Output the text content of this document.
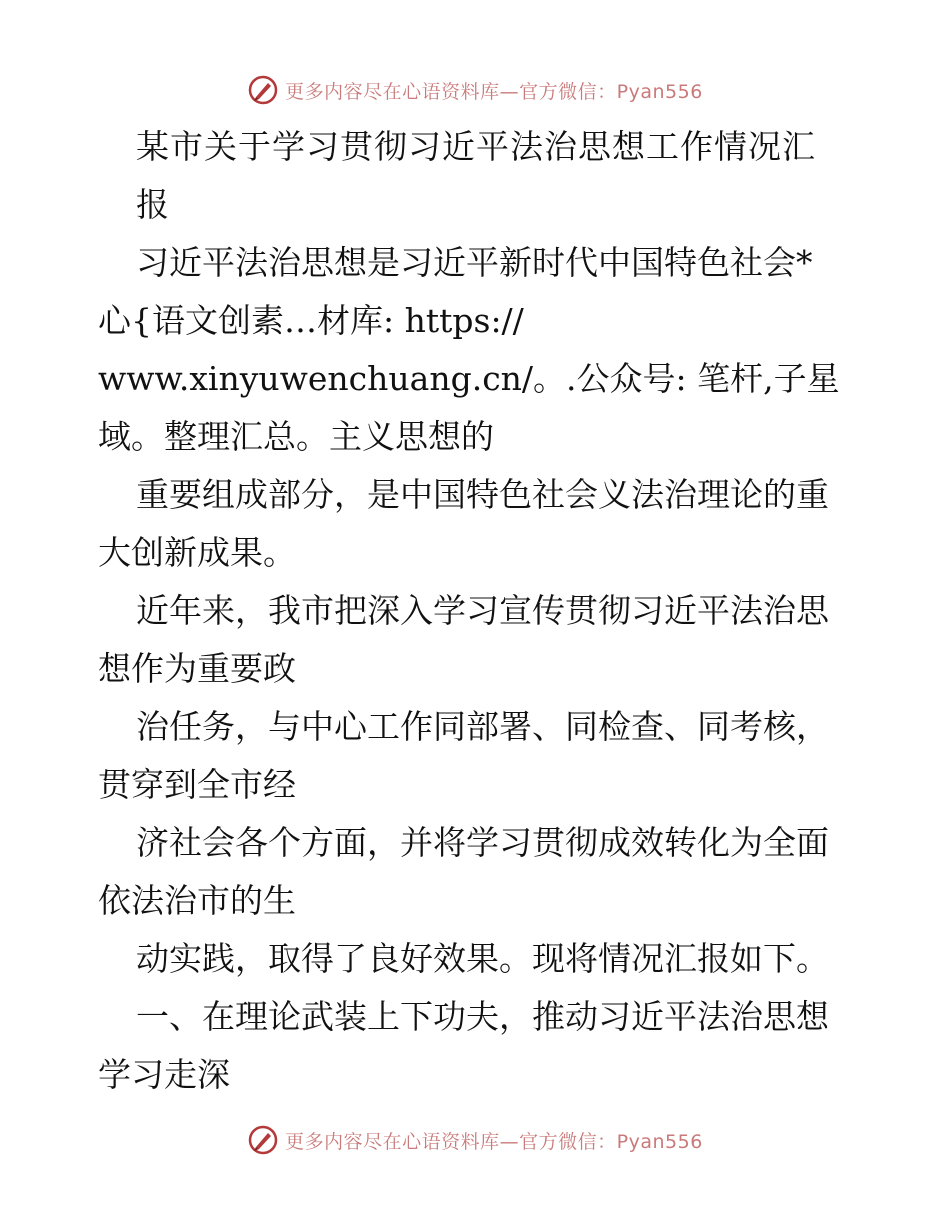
更多内容尽在心语资料库—官方微信：Pyan556
某市关于学习贯彻习近平法治思想工作情况汇
报
习近平法治思想是习近平新时代中国特色社会*
心{语文创素…材库: https://
www.xinyuwenchuang.cn/。.公众号: 笔杆,子星
域。整理汇总。主义思想的
重要组成部分，是中国特色社会义法治理论的重
大创新成果。
近年来，我市把深入学习宣传贯彻习近平法治思
想作为重要政
治任务，与中心工作同部署、同检查、同考核，
贯穿到全市经
济社会各个方面，并将学习贯彻成效转化为全面
依法治市的生
动实践，取得了良好效果。现将情况汇报如下。
一、在理论武装上下功夫，推动习近平法治思想
学习走深
更多内容尽在心语资料库—官方微信：Pyan556
